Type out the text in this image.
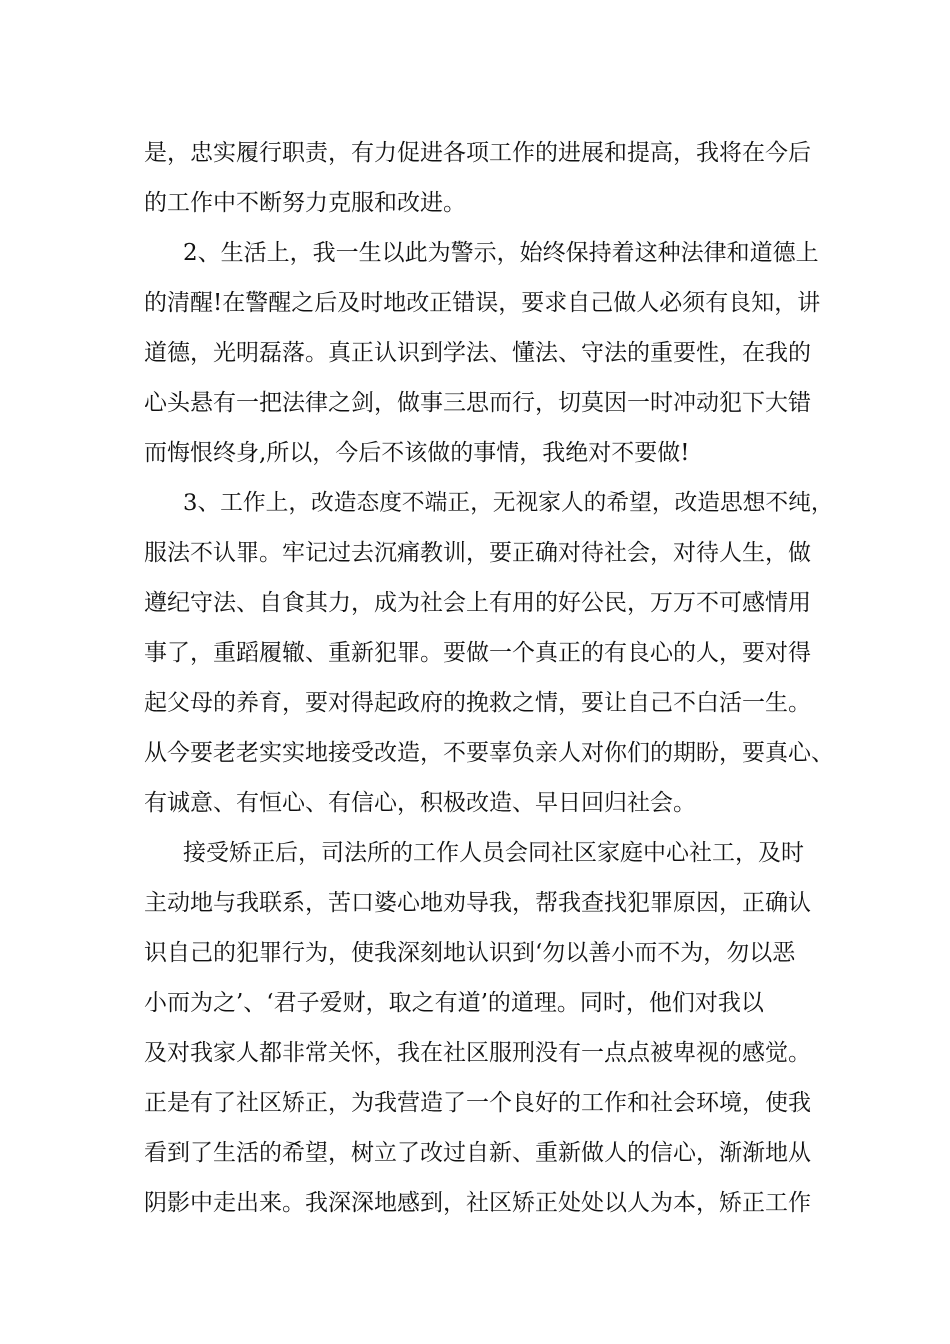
是，忠实履行职责，有力促进各项工作的进展和提高，我将在今后
的工作中不断努力克服和改进。
2、生活上，我一生以此为警示，始终保持着这种法律和道德上
的清醒!在警醒之后及时地改正错误，要求自己做人必须有良知，讲
道德，光明磊落。真正认识到学法、懂法、守法的重要性，在我的
心头悬有一把法律之剑，做事三思而行，切莫因一时冲动犯下大错
而悔恨终身,所以，今后不该做的事情，我绝对不要做!
3、工作上，改造态度不端正，无视家人的希望，改造思想不纯，
服法不认罪。牢记过去沉痛教训，要正确对待社会，对待人生，做
遵纪守法、自食其力，成为社会上有用的好公民，万万不可感情用
事了，重蹈履辙、重新犯罪。要做一个真正的有良心的人，要对得
起父母的养育，要对得起政府的挽救之情，要让自己不白活一生。
从今要老老实实地接受改造，不要辜负亲人对你们的期盼，要真心、
有诚意、有恒心、有信心，积极改造、早日回归社会。
接受矫正后，司法所的工作人员会同社区家庭中心社工，及时
主动地与我联系，苦口婆心地劝导我，帮我查找犯罪原因，正确认
识自己的犯罪行为，使我深刻地认识到‘勿以善小而不为，勿以恶
小而为之’、‘君子爱财，取之有道’的道理。同时，他们对我以
及对我家人都非常关怀，我在社区服刑没有一点点被卑视的感觉。
正是有了社区矫正，为我营造了一个良好的工作和社会环境，使我
看到了生活的希望，树立了改过自新、重新做人的信心，渐渐地从
阴影中走出来。我深深地感到，社区矫正处处以人为本，矫正工作
